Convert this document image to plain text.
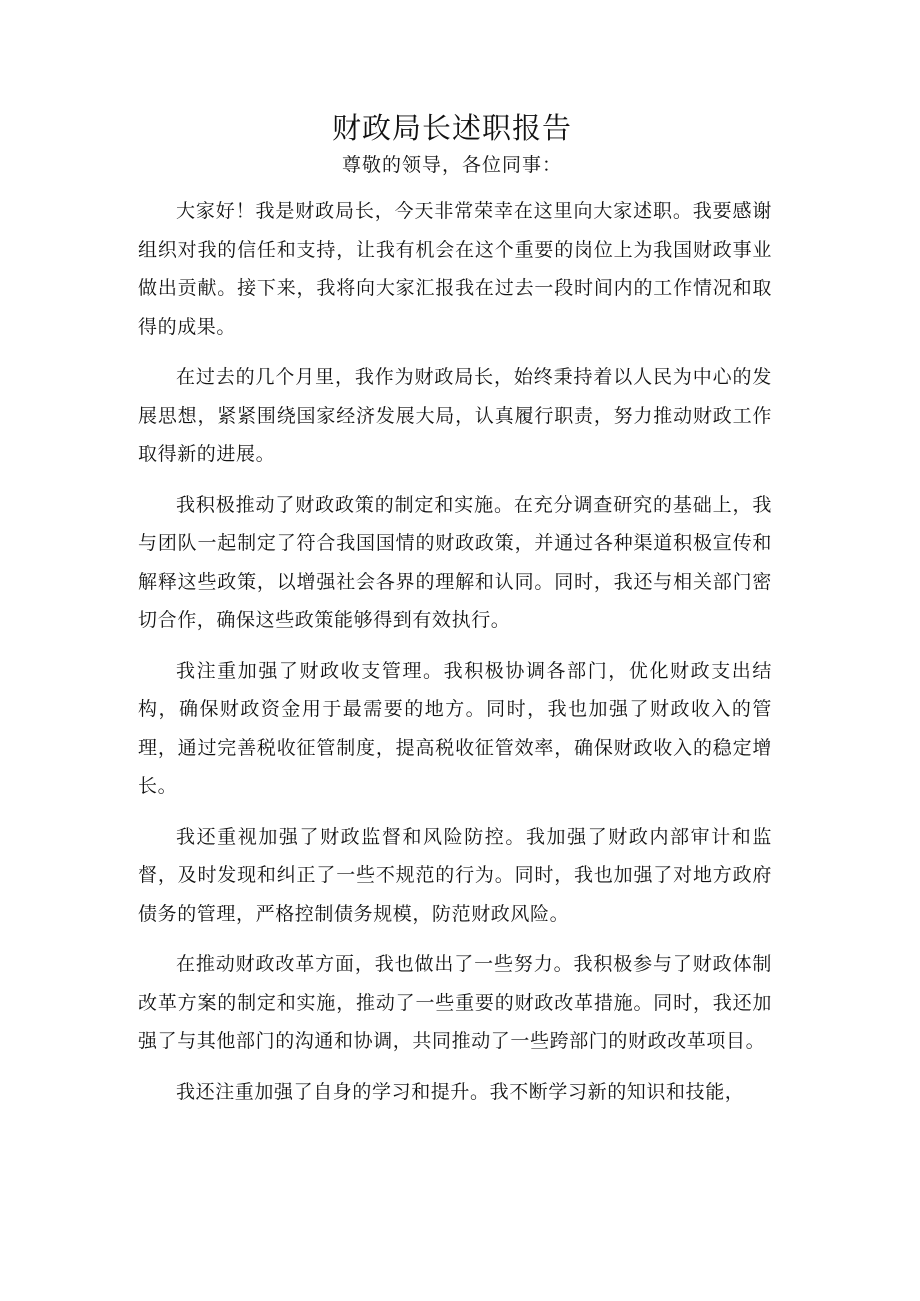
财政局长述职报告

尊敬的领导，各位同事：

大家好！我是财政局长，今天非常荣幸在这里向大家述职。我要感谢组织对我的信任和支持，让我有机会在这个重要的岗位上为我国财政事业做出贡献。接下来，我将向大家汇报我在过去一段时间内的工作情况和取得的成果。

在过去的几个月里，我作为财政局长，始终秉持着以人民为中心的发展思想，紧紧围绕国家经济发展大局，认真履行职责，努力推动财政工作取得新的进展。

我积极推动了财政政策的制定和实施。在充分调查研究的基础上，我与团队一起制定了符合我国国情的财政政策，并通过各种渠道积极宣传和解释这些政策，以增强社会各界的理解和认同。同时，我还与相关部门密切合作，确保这些政策能够得到有效执行。

我注重加强了财政收支管理。我积极协调各部门，优化财政支出结构，确保财政资金用于最需要的地方。同时，我也加强了财政收入的管理，通过完善税收征管制度，提高税收征管效率，确保财政收入的稳定增长。

我还重视加强了财政监督和风险防控。我加强了财政内部审计和监督，及时发现和纠正了一些不规范的行为。同时，我也加强了对地方政府债务的管理，严格控制债务规模，防范财政风险。

在推动财政改革方面，我也做出了一些努力。我积极参与了财政体制改革方案的制定和实施，推动了一些重要的财政改革措施。同时，我还加强了与其他部门的沟通和协调，共同推动了一些跨部门的财政改革项目。

我还注重加强了自身的学习和提升。我不断学习新的知识和技能，
